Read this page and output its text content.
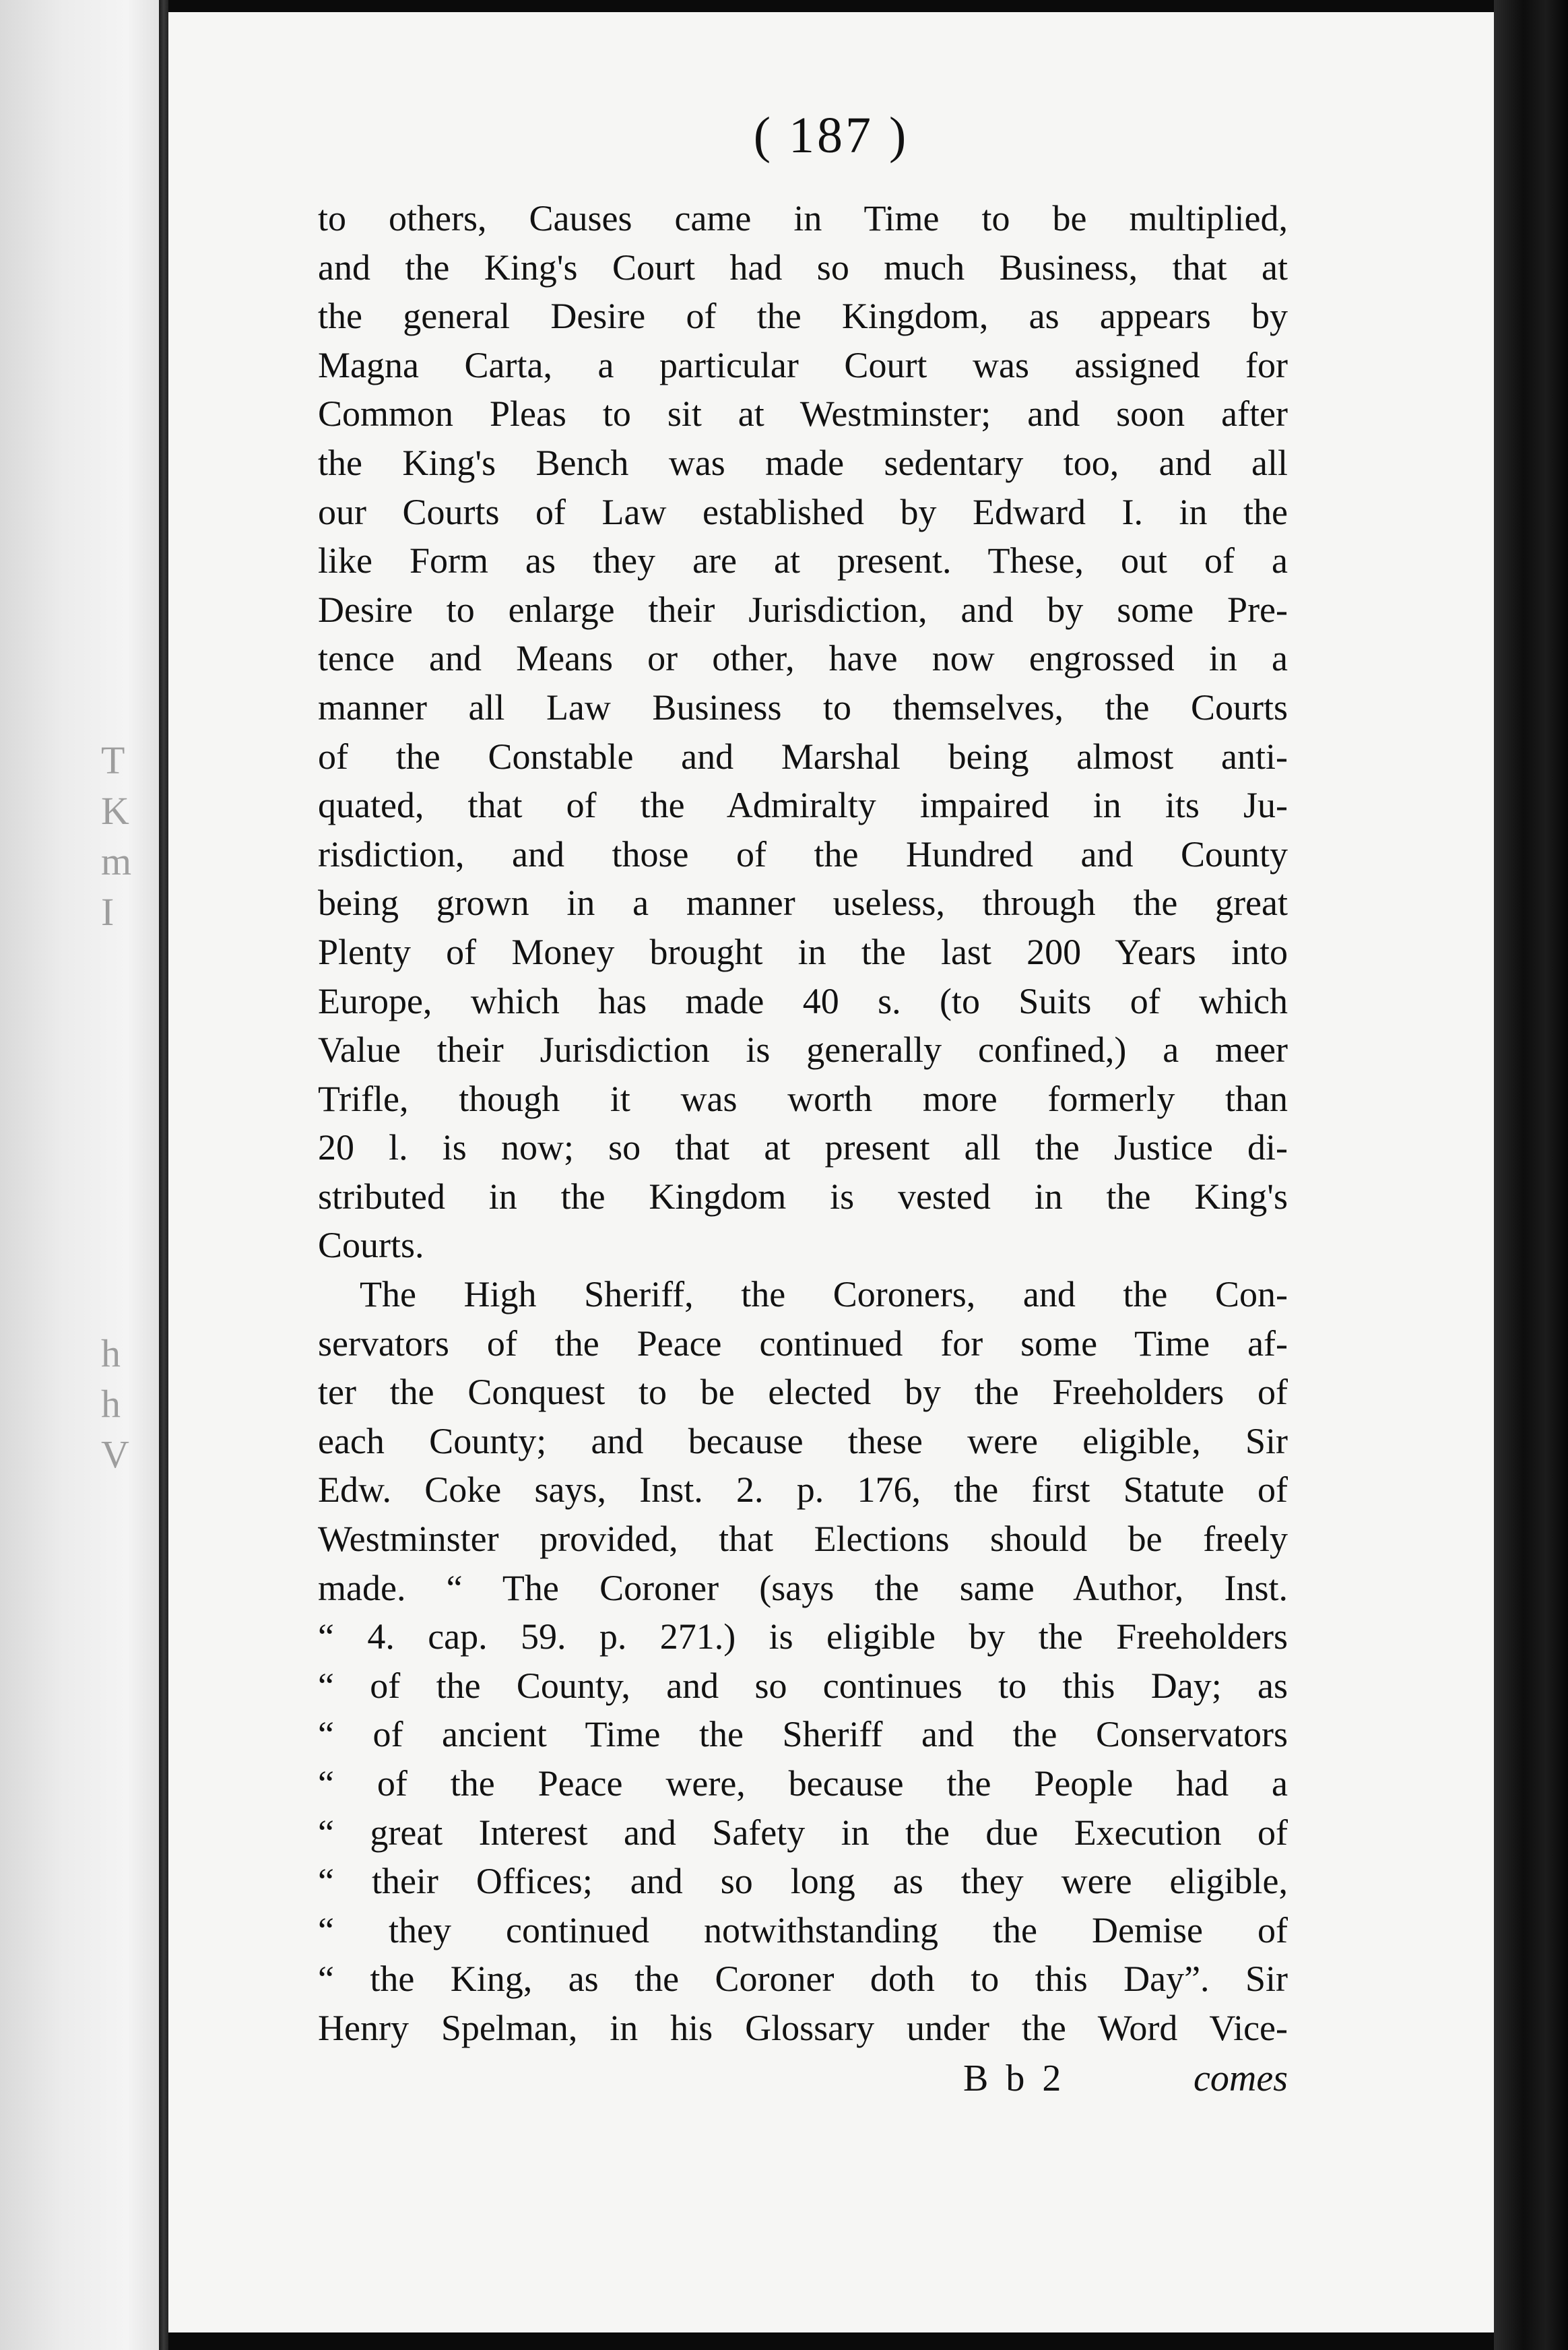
T
K
m
I
h
h
V
( 187 )

to others, Causes came in Time to be multiplied,

and the King's Court had so much Business, that at

the general Desire of the Kingdom, as appears by

Magna Carta, a particular Court was assigned for

Common Pleas to sit at Westminster; and soon after

the King's Bench was made sedentary too, and all

our Courts of Law established by Edward I. in the

like Form as they are at present. These, out of a

Desire to enlarge their Jurisdiction, and by some Pre-

tence and Means or other, have now engrossed in a

manner all Law Business to themselves, the Courts

of the Constable and Marshal being almost anti-

quated, that of the Admiralty impaired in its Ju-

risdiction, and those of the Hundred and County

being grown in a manner useless, through the great

Plenty of Money brought in the last 200 Years into

Europe, which has made 40 s. (to Suits of which

Value their Jurisdiction is generally confined,) a meer

Trifle, though it was worth more formerly than

20 l. is now; so that at present all the Justice di-

stributed in the Kingdom is vested in the King's

Courts.

The High Sheriff, the Coroners, and the Con-

servators of the Peace continued for some Time af-

ter the Conquest to be elected by the Freeholders of

each County; and because these were eligible, Sir

Edw. Coke says, Inst. 2. p. 176, the first Statute of

Westminster provided, that Elections should be freely

made. “ The Coroner (says the same Author, Inst.

“ 4. cap. 59. p. 271.) is eligible by the Freeholders

“ of the County, and so continues to this Day; as

“ of ancient Time the Sheriff and the Conservators

“ of the Peace were, because the People had a

“ great Interest and Safety in the due Execution of

“ their Offices; and so long as they were eligible,

“ they continued notwithstanding the Demise of

“ the King, as the Coroner doth to this Day”. Sir

Henry Spelman, in his Glossary under the Word Vice-

B b 2	comes
